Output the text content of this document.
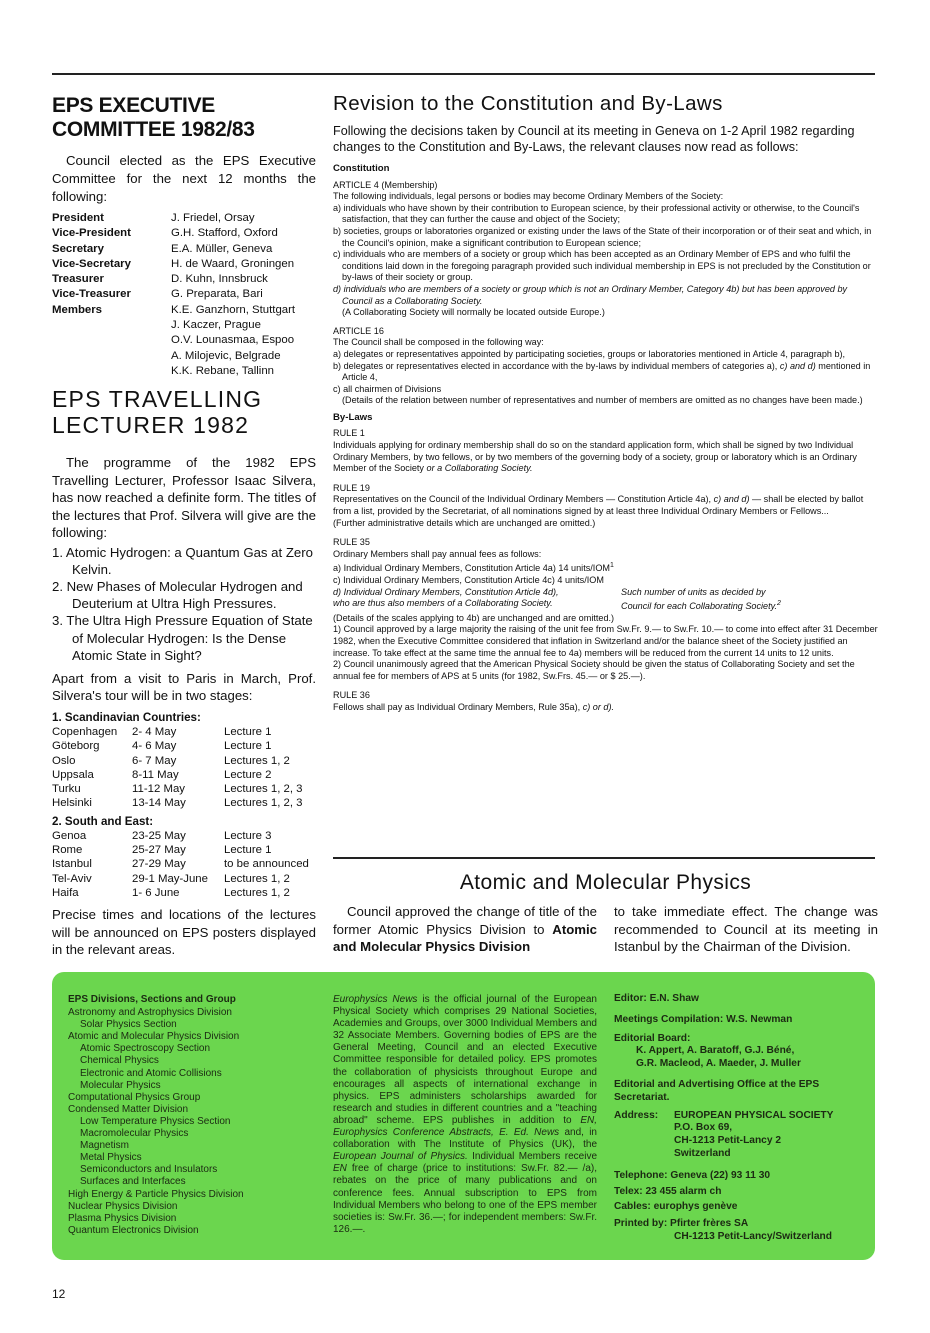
EPS EXECUTIVE
COMMITTEE 1982/83

Council elected as the EPS Executive Committee for the next 12 months the following:

President	J. Friedel, Orsay
Vice-President	G.H. Stafford, Oxford
Secretary	E.A. Müller, Geneva
Vice-Secretary	H. de Waard, Groningen
Treasurer	D. Kuhn, Innsbruck
Vice-Treasurer	G. Preparata, Bari
Members	K.E. Ganzhorn, Stuttgart
	J. Kaczer, Prague
	O.V. Lounasmaa, Espoo
	A. Milojevic, Belgrade
	K.K. Rebane, Tallinn
EPS TRAVELLING
LECTURER 1982

The programme of the 1982 EPS Travelling Lecturer, Professor Isaac Silvera, has now reached a definite form. The titles of the lectures that Prof. Silvera will give are the following:

1. Atomic Hydrogen: a Quantum Gas at Zero Kelvin.
2. New Phases of Molecular Hydrogen and Deuterium at Ultra High Pressures.
3. The Ultra High Pressure Equation of State of Molecular Hydrogen: Is the Dense Atomic State in Sight?

Apart from a visit to Paris in March, Prof. Silvera's tour will be in two stages:

1. Scandinavian Countries:
Copenhagen	2- 4 May	Lecture 1
Göteborg	4- 6 May	Lecture 1
Oslo	6- 7 May	Lectures 1, 2
Uppsala	8-11 May	Lecture 2
Turku	11-12 May	Lectures 1, 2, 3
Helsinki	13-14 May	Lectures 1, 2, 3
2. South and East:
Genoa	23-25 May	Lecture 3
Rome	25-27 May	Lecture 1
Istanbul	27-29 May	to be announced
Tel-Aviv	29-1 May-June	Lectures 1, 2
Haifa	1- 6 June	Lectures 1, 2

Precise times and locations of the lectures will be announced on EPS posters displayed in the relevant areas.

Revision to the Constitution and By-Laws

Following the decisions taken by Council at its meeting in Geneva on 1-2 April 1982 regarding changes to the Constitution and By-Laws, the relevant clauses now read as follows:

Constitution
ARTICLE 4 (Membership)
The following individuals, legal persons or bodies may become Ordinary Members of the Society:
a) individuals who have shown by their contribution to European science, by their professional activity or otherwise, to the Council's satisfaction, that they can further the cause and object of the Society;
b) societies, groups or laboratories organized or existing under the laws of the State of their incorporation or of their seat and which, in the Council's opinion, make a significant contribution to European science;
c) individuals who are members of a society or group which has been accepted as an Ordinary Member of EPS and who fulfil the conditions laid down in the foregoing paragraph provided such individual membership in EPS is not precluded by the Constitution or by-laws of their society or group.
d) individuals who are members of a society or group which is not an Ordinary Member, Category 4b) but has been approved by Council as a Collaborating Society.
(A Collaborating Society will normally be located outside Europe.)
ARTICLE 16
The Council shall be composed in the following way:
a) delegates or representatives appointed by participating societies, groups or laboratories mentioned in Article 4, paragraph b),
b) delegates or representatives elected in accordance with the by-laws by individual members of categories a), c) and d) mentioned in Article 4,
c) all chairmen of Divisions
(Details of the relation between number of representatives and number of members are omitted as no changes have been made.)
By-Laws
RULE 1
Individuals applying for ordinary membership shall do so on the standard application form, which shall be signed by two Individual Ordinary Members, by two fellows, or by two members of the governing body of a society, group or laboratory which is an Ordinary Member of the Society or a Collaborating Society.
RULE 19
Representatives on the Council of the Individual Ordinary Members — Constitution Article 4a), c) and d) — shall be elected by ballot from a list, provided by the Secretariat, of all nominations signed by at least three Individual Ordinary Members or Fellows...
(Further administrative details which are unchanged are omitted.)
RULE 35
Ordinary Members shall pay annual fees as follows:
a) Individual Ordinary Members, Constitution Article 4a) 14 units/IOM$^1$
c) Individual Ordinary Members, Constitution Article 4c) 4 units/IOM
d) Individual Ordinary Members, Constitution Article 4d),
who are thus also members of a Collaborating Society.
Such number of units as decided by
Council for each Collaborating Society.$^2$
(Details of the scales applying to 4b) are unchanged and are omitted.)
1) Council approved by a large majority the raising of the unit fee from Sw.Fr. 9.— to Sw.Fr. 10.— to come into effect after 31 December 1982, when the Executive Committee considered that inflation in Switzerland and/or the balance sheet of the Society justified an increase. To take effect at the same time the annual fee to 4a) members will be reduced from the current 14 units to 12 units.
2) Council unanimously agreed that the American Physical Society should be given the status of Collaborating Society and set the annual fee for members of APS at 5 units (for 1982, Sw.Frs. 45.— or $ 25.—).
RULE 36
Fellows shall pay as Individual Ordinary Members, Rule 35a), c) or d).
Atomic and Molecular Physics

Council approved the change of title of the former Atomic Physics Division to Atomic and Molecular Physics Division

to take immediate effect. The change was recommended to Council at its meeting in Istanbul by the Chairman of the Division.

EPS Divisions, Sections and Group
Astronomy and Astrophysics Division
Solar Physics Section
Atomic and Molecular Physics Division
Atomic Spectroscopy Section
Chemical Physics
Electronic and Atomic Collisions
Molecular Physics
Computational Physics Group
Condensed Matter Division
Low Temperature Physics Section
Macromolecular Physics
Magnetism
Metal Physics
Semiconductors and Insulators
Surfaces and Interfaces
High Energy & Particle Physics Division
Nuclear Physics Division
Plasma Physics Division
Quantum Electronics Division
Europhysics News is the official journal of the European Physical Society which comprises 29 National Societies, Academies and Groups, over 3000 Individual Members and 32 Associate Members. Governing bodies of EPS are the General Meeting, Council and an elected Executive Committee responsible for detailed policy. EPS promotes the collaboration of physicists throughout Europe and encourages all aspects of international exchange in physics. EPS administers scholarships awarded for research and studies in different countries and a "teaching abroad" scheme. EPS publishes in addition to EN, Europhysics Conference Abstracts, E. Ed. News and, in collaboration with The Institute of Physics (UK), the European Journal of Physics. Individual Members receive EN free of charge (price to institutions: Sw.Fr. 82.— /a), rebates on the price of many publications and on conference fees. Annual subscription to EPS from Individual Members who belong to one of the EPS member societies is: Sw.Fr. 36.—; for independent members: Sw.Fr. 126.—.
Editor: E.N. Shaw
Meetings Compilation: W.S. Newman
Editorial Board:
K. Appert, A. Baratoff, G.J. Béné,
G.R. Macleod, A. Maeder, J. Muller
Editorial and Advertising Office at the EPS Secretariat.
Address:	EUROPEAN PHYSICAL SOCIETY
P.O. Box 69,
CH-1213 Petit-Lancy 2
Switzerland
Telephone: Geneva (22) 93 11 30
Telex: 23 455 alarm ch
Cables: europhys genève
Printed by: Pfirter frères SA
CH-1213 Petit-Lancy/Switzerland
12
